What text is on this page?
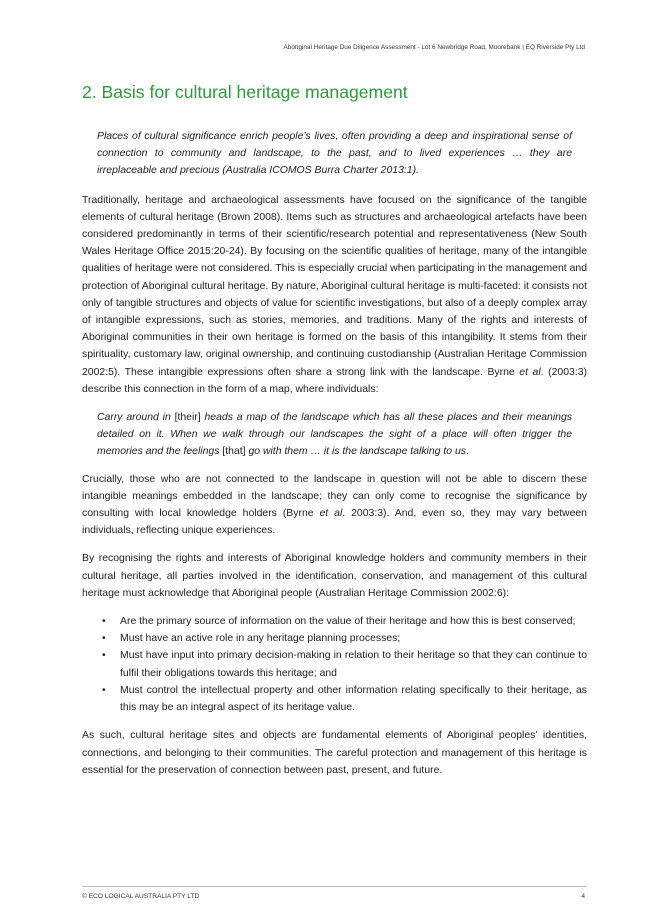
Aboriginal Heritage Due Diligence Assessment - Lot 6 Newbridge Road, Moorebank | EQ Riverside Pty Ltd
2. Basis for cultural heritage management

Places of cultural significance enrich people’s lives, often providing a deep and inspirational sense of connection to community and landscape, to the past, and to lived experiences … they are irreplaceable and precious (Australia ICOMOS Burra Charter 2013:1).

Traditionally, heritage and archaeological assessments have focused on the significance of the tangible elements of cultural heritage (Brown 2008). Items such as structures and archaeological artefacts have been considered predominantly in terms of their scientific/research potential and representativeness (New South Wales Heritage Office 2015:20-24). By focusing on the scientific qualities of heritage, many of the intangible qualities of heritage were not considered. This is especially crucial when participating in the management and protection of Aboriginal cultural heritage. By nature, Aboriginal cultural heritage is multi-faceted: it consists not only of tangible structures and objects of value for scientific investigations, but also of a deeply complex array of intangible expressions, such as stories, memories, and traditions. Many of the rights and interests of Aboriginal communities in their own heritage is formed on the basis of this intangibility. It stems from their spirituality, customary law, original ownership, and continuing custodianship (Australian Heritage Commission 2002:5). These intangible expressions often share a strong link with the landscape. Byrne et al. (2003:3) describe this connection in the form of a map, where individuals:

Carry around in [their] heads a map of the landscape which has all these places and their meanings detailed on it. When we walk through our landscapes the sight of a place will often trigger the memories and the feelings [that] go with them … it is the landscape talking to us.

Crucially, those who are not connected to the landscape in question will not be able to discern these intangible meanings embedded in the landscape; they can only come to recognise the significance by consulting with local knowledge holders (Byrne et al. 2003:3). And, even so, they may vary between individuals, reflecting unique experiences.

By recognising the rights and interests of Aboriginal knowledge holders and community members in their cultural heritage, all parties involved in the identification, conservation, and management of this cultural heritage must acknowledge that Aboriginal people (Australian Heritage Commission 2002:6):

• Are the primary source of information on the value of their heritage and how this is best conserved;
• Must have an active role in any heritage planning processes;
• Must have input into primary decision-making in relation to their heritage so that they can continue to fulfil their obligations towards this heritage; and
• Must control the intellectual property and other information relating specifically to their heritage, as this may be an integral aspect of its heritage value.

As such, cultural heritage sites and objects are fundamental elements of Aboriginal peoples’ identities, connections, and belonging to their communities. The careful protection and management of this heritage is essential for the preservation of connection between past, present, and future.

© ECO LOGICAL AUSTRALIA PTY LTD	4
